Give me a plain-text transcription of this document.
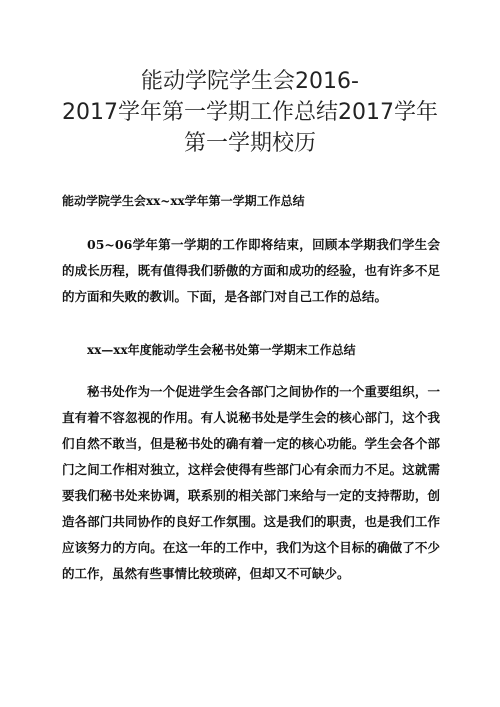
能动学院学生会2016-
2017学年第一学期工作总结2017学年
第一学期校历
能动学院学生会xx~xx学年第一学期工作总结

05~06学年第一学期的工作即将结束，回顾本学期我们学生会的成长历程，既有值得我们骄傲的方面和成功的经验，也有许多不足的方面和失败的教训。下面，是各部门对自己工作的总结。

xx—xx年度能动学生会秘书处第一学期末工作总结

秘书处作为一个促进学生会各部门之间协作的一个重要组织，一直有着不容忽视的作用。有人说秘书处是学生会的核心部门，这个我们自然不敢当，但是秘书处的确有着一定的核心功能。学生会各个部门之间工作相对独立，这样会使得有些部门心有余而力不足。这就需要我们秘书处来协调，联系别的相关部门来给与一定的支持帮助，创造各部门共同协作的良好工作氛围。这是我们的职责，也是我们工作应该努力的方向。在这一年的工作中，我们为这个目标的确做了不少的工作，虽然有些事情比较琐碎，但却又不可缺少。
